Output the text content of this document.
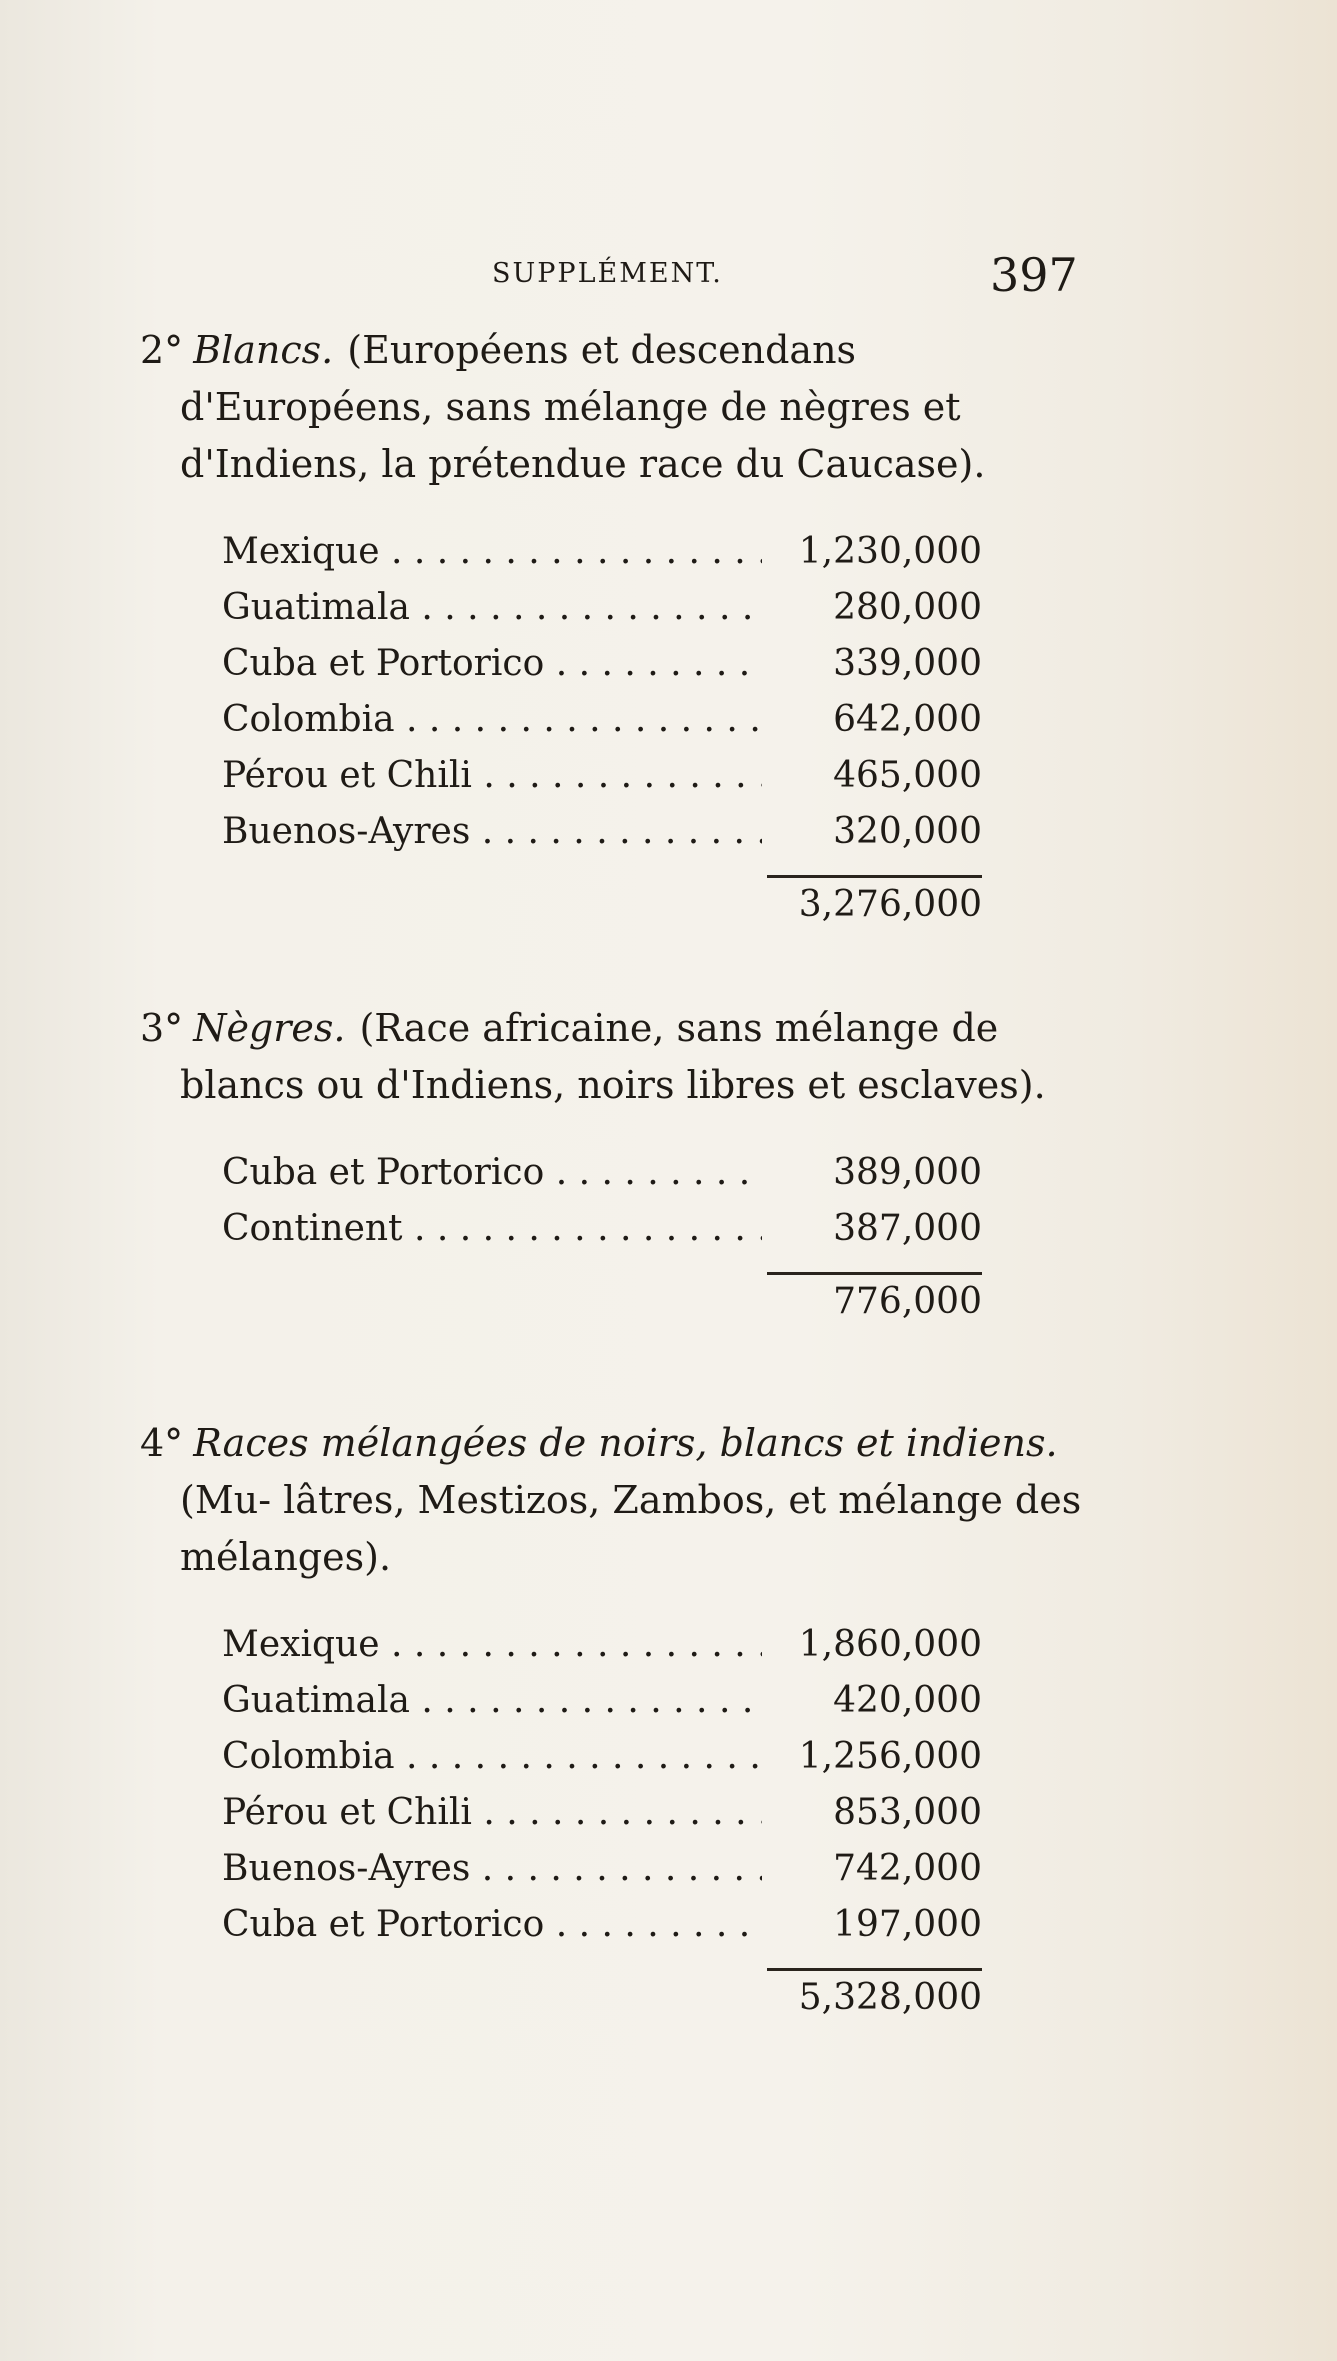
SUPPLÉMENT.	397

2° Blancs. (Européens et descendans d'Européens, sans mélange de nègres et d'Indiens, la prétendue race du Caucase).

Mexique . . .	1,230,000
Guatimala . . .	280,000
Cuba et Portorico . . .	339,000
Colombia . . .	642,000
Pérou et Chili . . .	465,000
Buenos-Ayres . . .	320,000
3,276,000

3° Nègres. (Race africaine, sans mélange de blancs ou d'Indiens, noirs libres et esclaves).

Cuba et Portorico . . .	389,000
Continent . . .	387,000
776,000

4° Races mélangées de noirs, blancs et indiens.(Mu- lâtres, Mestizos, Zambos, et mélange des mélanges).

Mexique . . .	1,860,000
Guatimala . . .	420,000
Colombia . . .	1,256,000
Pérou et Chili . . .	853,000
Buenos-Ayres . . .	742,000
Cuba et Portorico . . .	197,000
5,328,000
